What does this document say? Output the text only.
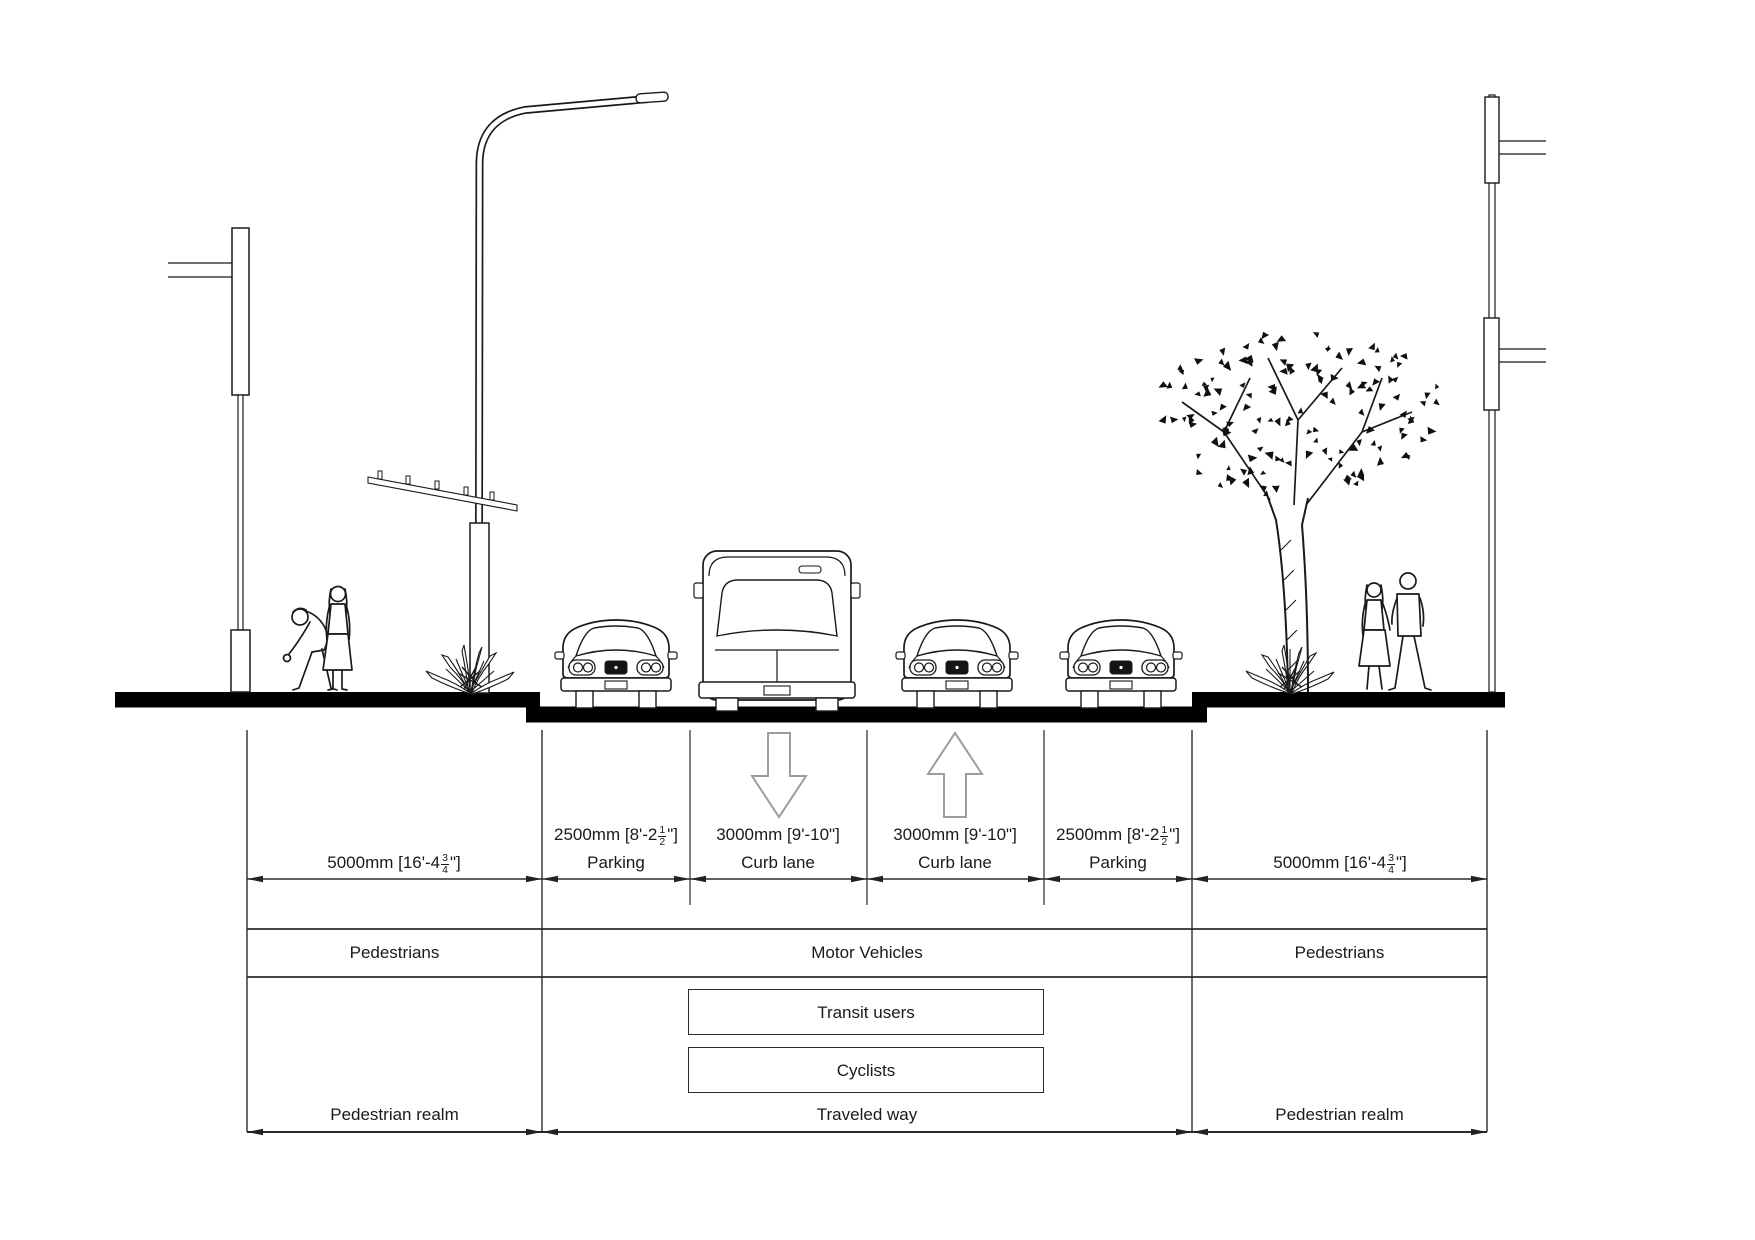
5000mm [$16'-4 \frac{3}{4}$ "]
2500mm [$8'-2 \frac{1}{2}$ "]
Parking
3000mm [9'-10"]
Curb lane
3000mm [9'-10"]
Curb lane
2500mm [$8'-2 \frac{1}{2}$ "]
Parking	5000mm [$16'-4 \frac{3}{4}$ "]
Pedestrians	Motor Vehicles	Pedestrians
Transit users
Cyclists
Pedestrian realm	Traveled way	Pedestrian realm
